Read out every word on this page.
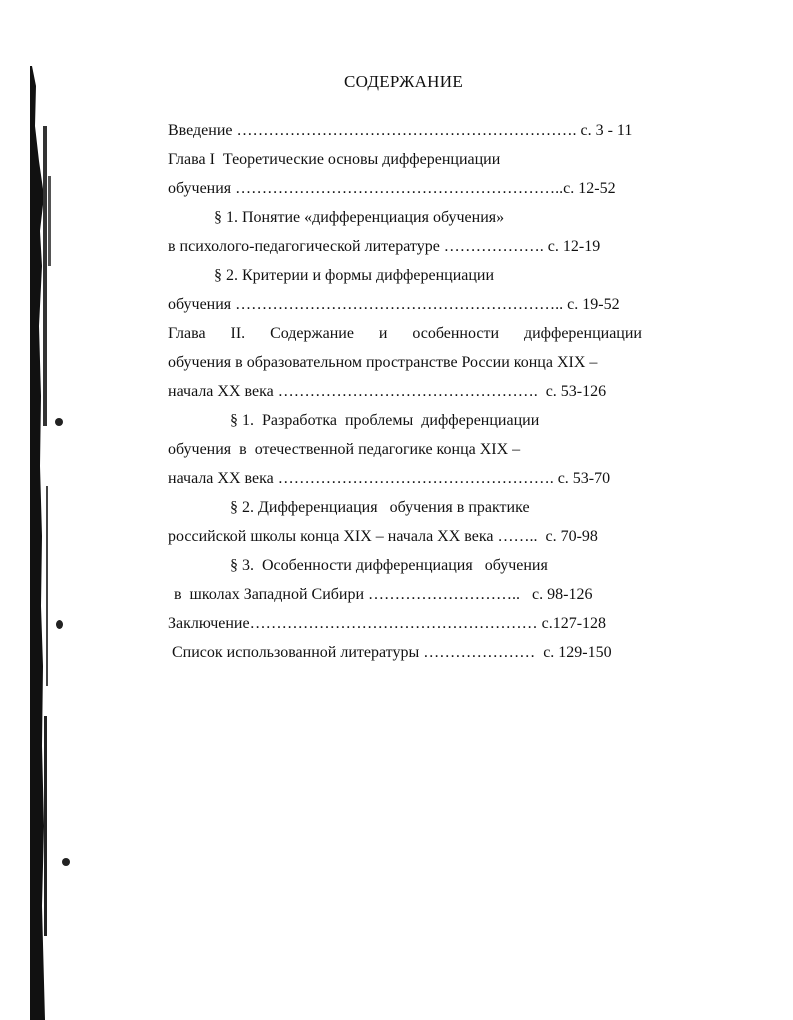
СОДЕРЖАНИЕ

Введение ………………………………………………………. с. 3 - 11

Глава I  Теоретические основы дифференциации

обучения ……………………………………………………..с. 12-52

§ 1. Понятие «дифференциация обучения»

в психолого-педагогической литературе ………………. с. 12-19

§ 2. Критерии и формы дифференциации

обучения …………………………………………………….. с. 19-52

Глава II. Содержание и особенности дифференциации

обучения в образовательном пространстве России конца XIX –

начала XX века ………………………………………….  с. 53-126

§ 1.  Разработка  проблемы  дифференциации

обучения  в  отечественной педагогике конца XIX –

начала XX века ……………………………………………. с. 53-70

§ 2. Дифференциация   обучения в практике

российской школы конца XIX – начала XX века ……..  с. 70-98

§ 3.  Особенности дифференциация   обучения

в  школах Западной Сибири ………………………..   с. 98-126

Заключение……………………………………………… с.127-128

Список использованной литературы …………………  с. 129-150
